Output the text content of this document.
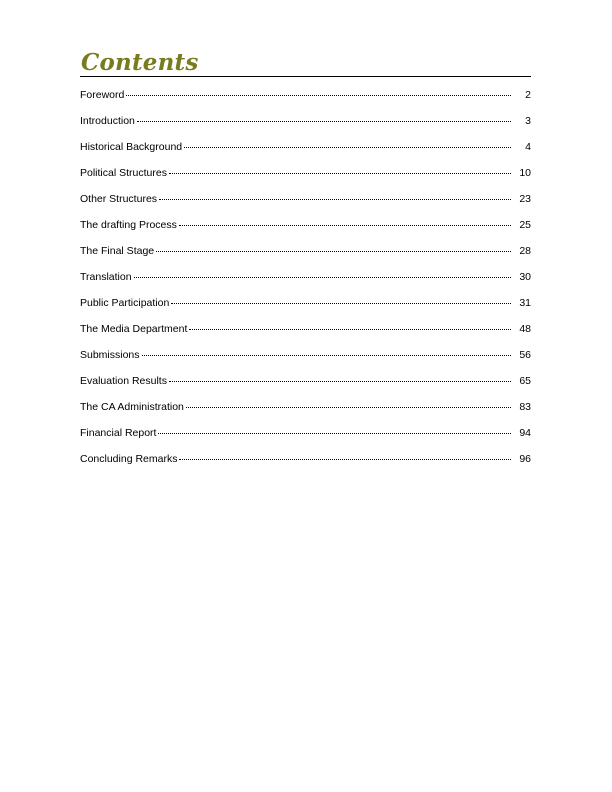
Contents
Foreword	2
Introduction	3
Historical Background	4
Political Structures	10
Other Structures	23
The drafting Process	25
The Final Stage	28
Translation	30
Public Participation	31
The Media Department	48
Submissions	56
Evaluation Results	65
The CA Administration	83
Financial Report	94
Concluding Remarks	96
